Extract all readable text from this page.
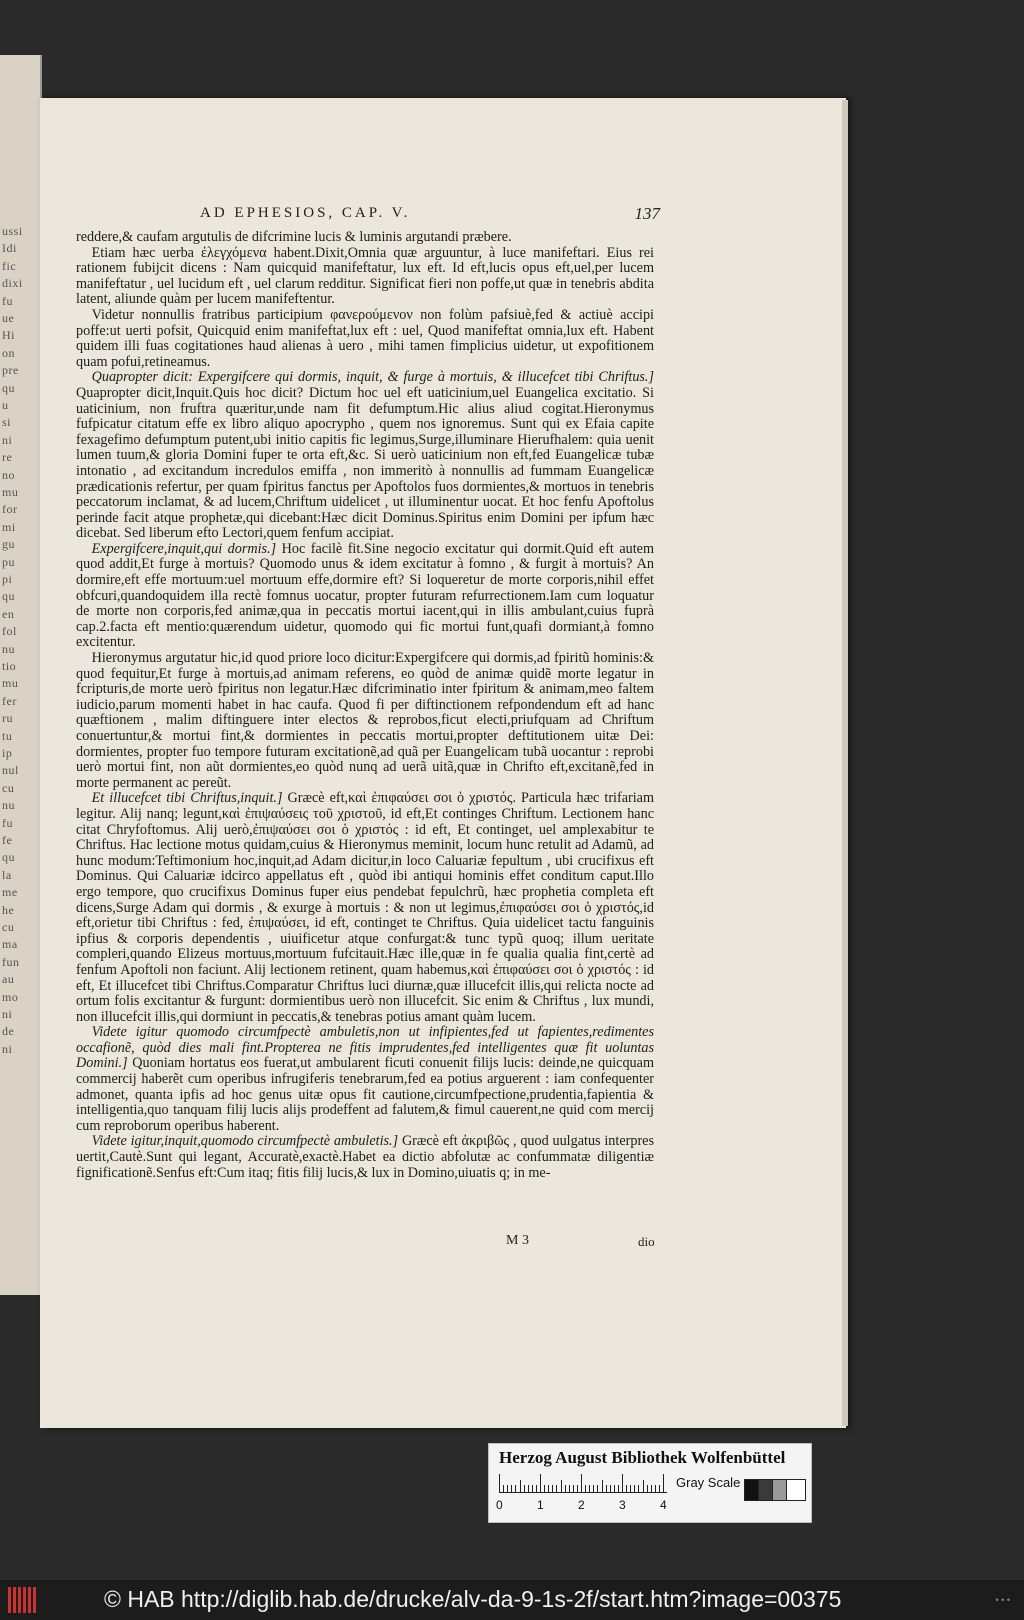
ussi
Idi
fic
dixi
fu
ue
Hi
on
pre
qu
u
si
ni
re
no
mu
for
mi
gu
pu
pi
qu
en
fol
nu
tio
mu
fer
ru
tu
ip
nul
cu
nu
fu
fe
qu
la
me
he
cu
ma
fun
au
mo
ni
de
ni
AD EPHESIOS, CAP. V.	137

reddere,& caufam argutulis de difcrimine lucis & luminis argutandi præbere.

Etiam hæc uerba ἐλεγχόμενα habent.Dixit,Omnia quæ arguuntur, à luce manifeftari. Eius rei rationem fubijcit dicens : Nam quicquid manifeftatur, lux eft. Id eft,lucis opus eft,uel,per lucem manifeftatur , uel lucidum eft , uel clarum redditur. Significat fieri non poffe,ut quæ in tenebris abdita latent, aliunde quàm per lucem manifeftentur.

Videtur nonnullis fratribus participium φανερούμενον non folùm pafsiuè,fed & actiuè accipi poffe:ut uerti pofsit, Quicquid enim manifeftat,lux eft : uel, Quod manifeftat omnia,lux eft. Habent quidem illi fuas cogitationes haud alienas à uero , mihi tamen fimplicius uidetur, ut expofitionem quam pofui,retineamus.

Quapropter dicit: Expergifcere qui dormis, inquit, & furge à mortuis, & illucefcet tibi Chriftus.] Quapropter dicit,Inquit.Quis hoc dicit? Dictum hoc uel eft uaticinium,uel Euangelica excitatio. Si uaticinium, non fruftra quæritur,unde nam fit defumptum.Hic alius aliud cogitat.Hieronymus fufpicatur citatum effe ex libro aliquo apocrypho , quem nos ignoremus. Sunt qui ex Efaia capite fexagefimo defumptum putent,ubi initio capitis fic legimus,Surge,illuminare Hierufhalem: quia uenit lumen tuum,& gloria Domini fuper te orta eft,&c. Si uerò uaticinium non eft,fed Euangelicæ tubæ intonatio , ad excitandum incredulos emiffa , non immeritò à nonnullis ad fummam Euangelicæ prædicationis refertur, per quam fpiritus fanctus per Apoftolos fuos dormientes,& mortuos in tenebris peccatorum inclamat, & ad lucem,Chriftum uidelicet , ut illuminentur uocat. Et hoc fenfu Apoftolus perinde facit atque prophetæ,qui dicebant:Hæc dicit Dominus.Spiritus enim Domini per ipfum hæc dicebat. Sed liberum efto Lectori,quem fenfum accipiat.

Expergifcere,inquit,qui dormis.] Hoc facilè fit.Sine negocio excitatur qui dormit.Quid eft autem quod addit,Et furge à mortuis? Quomodo unus & idem excitatur à fomno , & furgit à mortuis? An dormire,eft effe mortuum:uel mortuum effe,dormire eft? Si loqueretur de morte corporis,nihil effet obfcuri,quandoquidem illa rectè fomnus uocatur, propter futuram refurrectionem.Iam cum loquatur de morte non corporis,fed animæ,qua in peccatis mortui iacent,qui in illis ambulant,cuius fuprà cap.2.facta eft mentio:quærendum uidetur, quomodo qui fic mortui funt,quafi dormiant,à fomno excitentur.

Hieronymus argutatur hic,id quod priore loco dicitur:Expergifcere qui dormis,ad fpiritũ hominis:& quod fequitur,Et furge à mortuis,ad animam referens, eo quòd de animæ quidẽ morte legatur in fcripturis,de morte uerò fpiritus non legatur.Hæc difcriminatio inter fpiritum & animam,meo faltem iudicio,parum momenti habet in hac caufa. Quod fi per diftinctionem refpondendum eft ad hanc quæftionem , malim diftinguere inter electos & reprobos,ficut electi,priufquam ad Chriftum conuertuntur,& mortui fint,& dormientes in peccatis mortui,propter deftitutionem uitæ Dei: dormientes, propter fuo tempore futuram excitationẽ,ad quã per Euangelicam tubã uocantur : reprobi uerò mortui fint, non aũt dormientes,eo quòd nunq ad uerã uitã,quæ in Chrifto eft,excitanẽ,fed in morte permanent ac pereũt.

Et illucefcet tibi Chriftus,inquit.] Græcè eft,καὶ ἐπιφαύσει σοι ὁ χριστός. Particula hæc trifariam legitur. Alij nanq; legunt,καὶ ἐπιψαύσεις τοῦ χριστοῦ, id eft,Et continges Chriftum. Lectionem hanc citat Chryfoftomus. Alij uerò,ἐπιψαύσει σοι ὁ χριστός : id eft, Et continget, uel amplexabitur te Chriftus. Hac lectione motus quidam,cuius & Hieronymus meminit, locum hunc retulit ad Adamũ, ad hunc modum:Teftimonium hoc,inquit,ad Adam dicitur,in loco Caluariæ fepultum , ubi crucifixus eft Dominus. Qui Caluariæ idcirco appellatus eft , quòd ibi antiqui hominis effet conditum caput.Illo ergo tempore, quo crucifixus Dominus fuper eius pendebat fepulchrũ, hæc prophetia completa eft dicens,Surge Adam qui dormis , & exurge à mortuis : & non ut legimus,ἐπιφαύσει σοι ὁ χριστός,id eft,orietur tibi Chriftus : fed, ἐπιψαύσει, id eft, continget te Chriftus. Quia uidelicet tactu fanguinis ipfius & corporis dependentis , uiuificetur atque confurgat:& tunc typũ quoq; illum ueritate compleri,quando Elizeus mortuus,mortuum fufcitauit.Hæc ille,quæ in fe qualia qualia fint,certè ad fenfum Apoftoli non faciunt. Alij lectionem retinent, quam habemus,καὶ ἐπιφαύσει σοι ὁ χριστός : id eft, Et illucefcet tibi Chriftus.Comparatur Chriftus luci diurnæ,quæ illucefcit illis,qui relicta nocte ad ortum folis excitantur & furgunt: dormientibus uerò non illucefcit. Sic enim & Chriftus , lux mundi, non illucefcit illis,qui dormiunt in peccatis,& tenebras potius amant quàm lucem.

Videte igitur quomodo circumfpectè ambuletis,non ut infipientes,fed ut fapientes,redimentes occafionẽ, quòd dies mali fint.Propterea ne fitis imprudentes,fed intelligentes quæ fit uoluntas Domini.] Quoniam hortatus eos fuerat,ut ambularent ficuti conuenit filijs lucis: deinde,ne quicquam commercij haberẽt cum operibus infrugiferis tenebrarum,fed ea potius arguerent : iam confequenter admonet, quanta ipfis ad hoc genus uitæ opus fit cautione,circumfpectione,prudentia,fapientia & intelligentia,quo tanquam filij lucis alijs prodeffent ad falutem,& fimul cauerent,ne quid com mercij cum reproborum operibus haberent.

Videte igitur,inquit,quomodo circumfpectè ambuletis.] Græcè eft ἀκριβῶς , quod uulgatus interpres uertit,Cautè.Sunt qui legant, Accuratè,exactè.Habet ea dictio abfolutæ ac confummatæ diligentiæ fignificationẽ.Senfus eft:Cum itaq; fitis filij lucis,& lux in Domino,uiuatis q; in me-

M 3	dio
Herzog August Bibliothek Wolfenbüttel
Gray Scale
0	1	2	3	4
© HAB http://diglib.hab.de/drucke/alv-da-9-1s-2f/start.htm?image=00375	• • •
